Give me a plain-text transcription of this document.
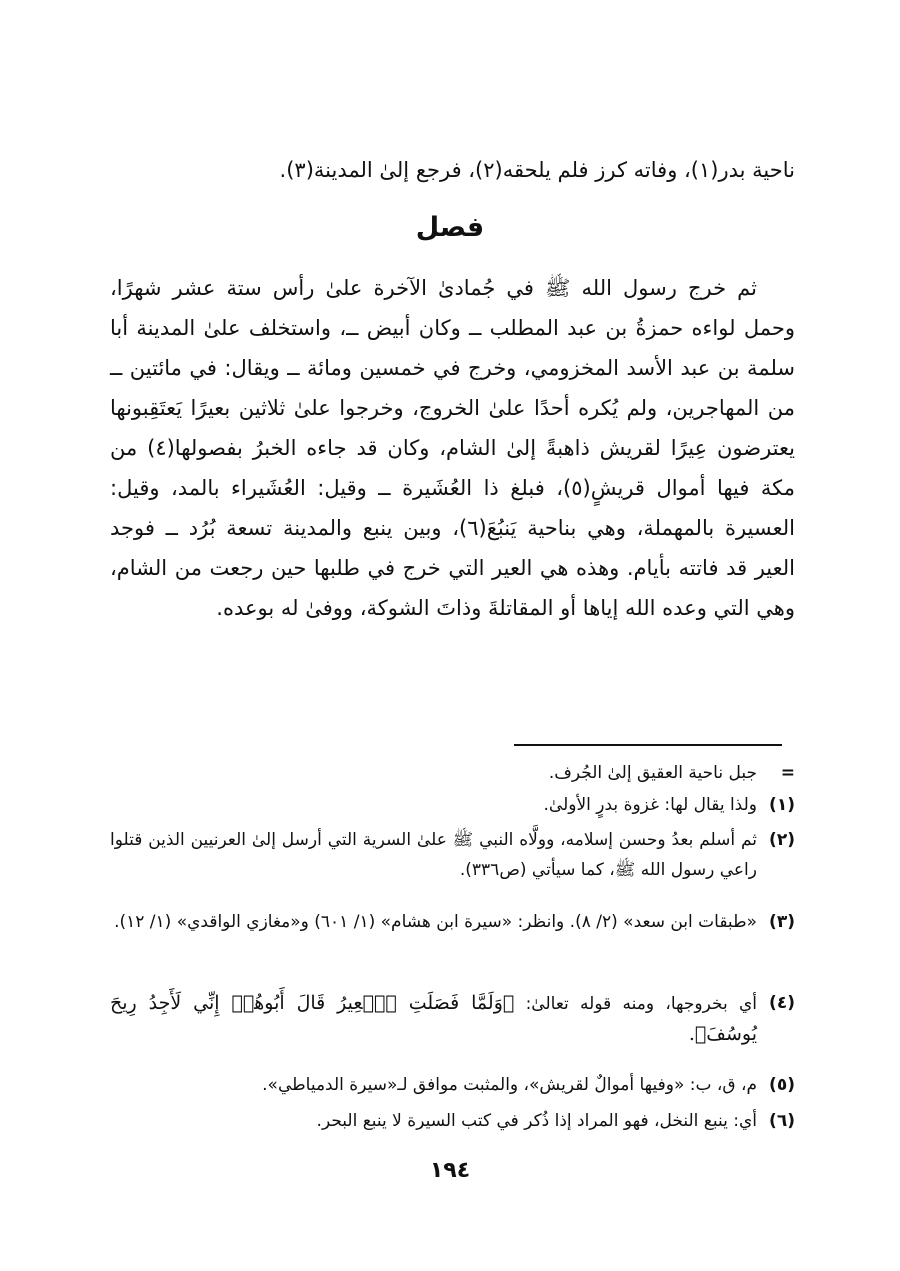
ناحية بدر(١)، وفاته كرز فلم يلحقه(٢)، فرجع إلىٰ المدينة(٣).
فصل
ثم خرج رسول الله ﷺ في جُمادىٰ الآخرة علىٰ رأس ستة عشر شهرًا، وحمل لواءه حمزةُ بن عبد المطلب ــ وكان أبيض ــ، واستخلف علىٰ المدينة أبا سلمة بن عبد الأسد المخزومي، وخرج في خمسين ومائة ــ ويقال: في مائتين ــ من المهاجرين، ولم يُكره أحدًا علىٰ الخروج، وخرجوا علىٰ ثلاثين بعيرًا يَعتَقِبونها يعترضون عِيرًا لقريش ذاهبةً إلىٰ الشام، وكان قد جاءه الخبرُ بفصولها(٤) من مكة فيها أموال قريشٍ(٥)، فبلغ ذا العُشَيرة ــ وقيل: العُشَيراء بالمد، وقيل: العسيرة بالمهملة، وهي بناحية يَنبُعَ(٦)، وبين ينبع والمدينة تسعة بُرُد ــ فوجد العير قد فاتته بأيام. وهذه هي العير التي خرج في طلبها حين رجعت من الشام، وهي التي وعده الله إياها أو المقاتلةَ وذاتَ الشوكة، ووفىٰ له بوعده.
=
جبل ناحية العقيق إلىٰ الجُرف.
(١)
ولذا يقال لها: غزوة بدرٍ الأولىٰ.
(٢)
ثم أسلم بعدُ وحسن إسلامه، وولَّاه النبي ﷺ علىٰ السرية التي أرسل إلىٰ العرنيين الذين قتلوا راعي رسول الله ﷺ، كما سيأتي (ص٣٣٦).
(٣)
«طبقات ابن سعد» (٢/ ٨). وانظر: «سيرة ابن هشام» (١/ ٦٠١) و«مغازي الواقدي» (١/ ١٢).
(٤)
أي بخروجها، ومنه قوله تعالىٰ: ﴿وَلَمَّا فَصَلَتِ ٱلۡعِيرُ قَالَ أَبُوهُمۡ إِنِّي لَأَجِدُ رِيحَ يُوسُفَ﴾.
(٥)
م، ق، ب: «وفيها أموالٌ لقريش»، والمثبت موافق لـ«سيرة الدمياطي».
(٦)
أي: ينبع النخل، فهو المراد إذا ذُكر في كتب السيرة لا ينبع البحر.
١٩٤
